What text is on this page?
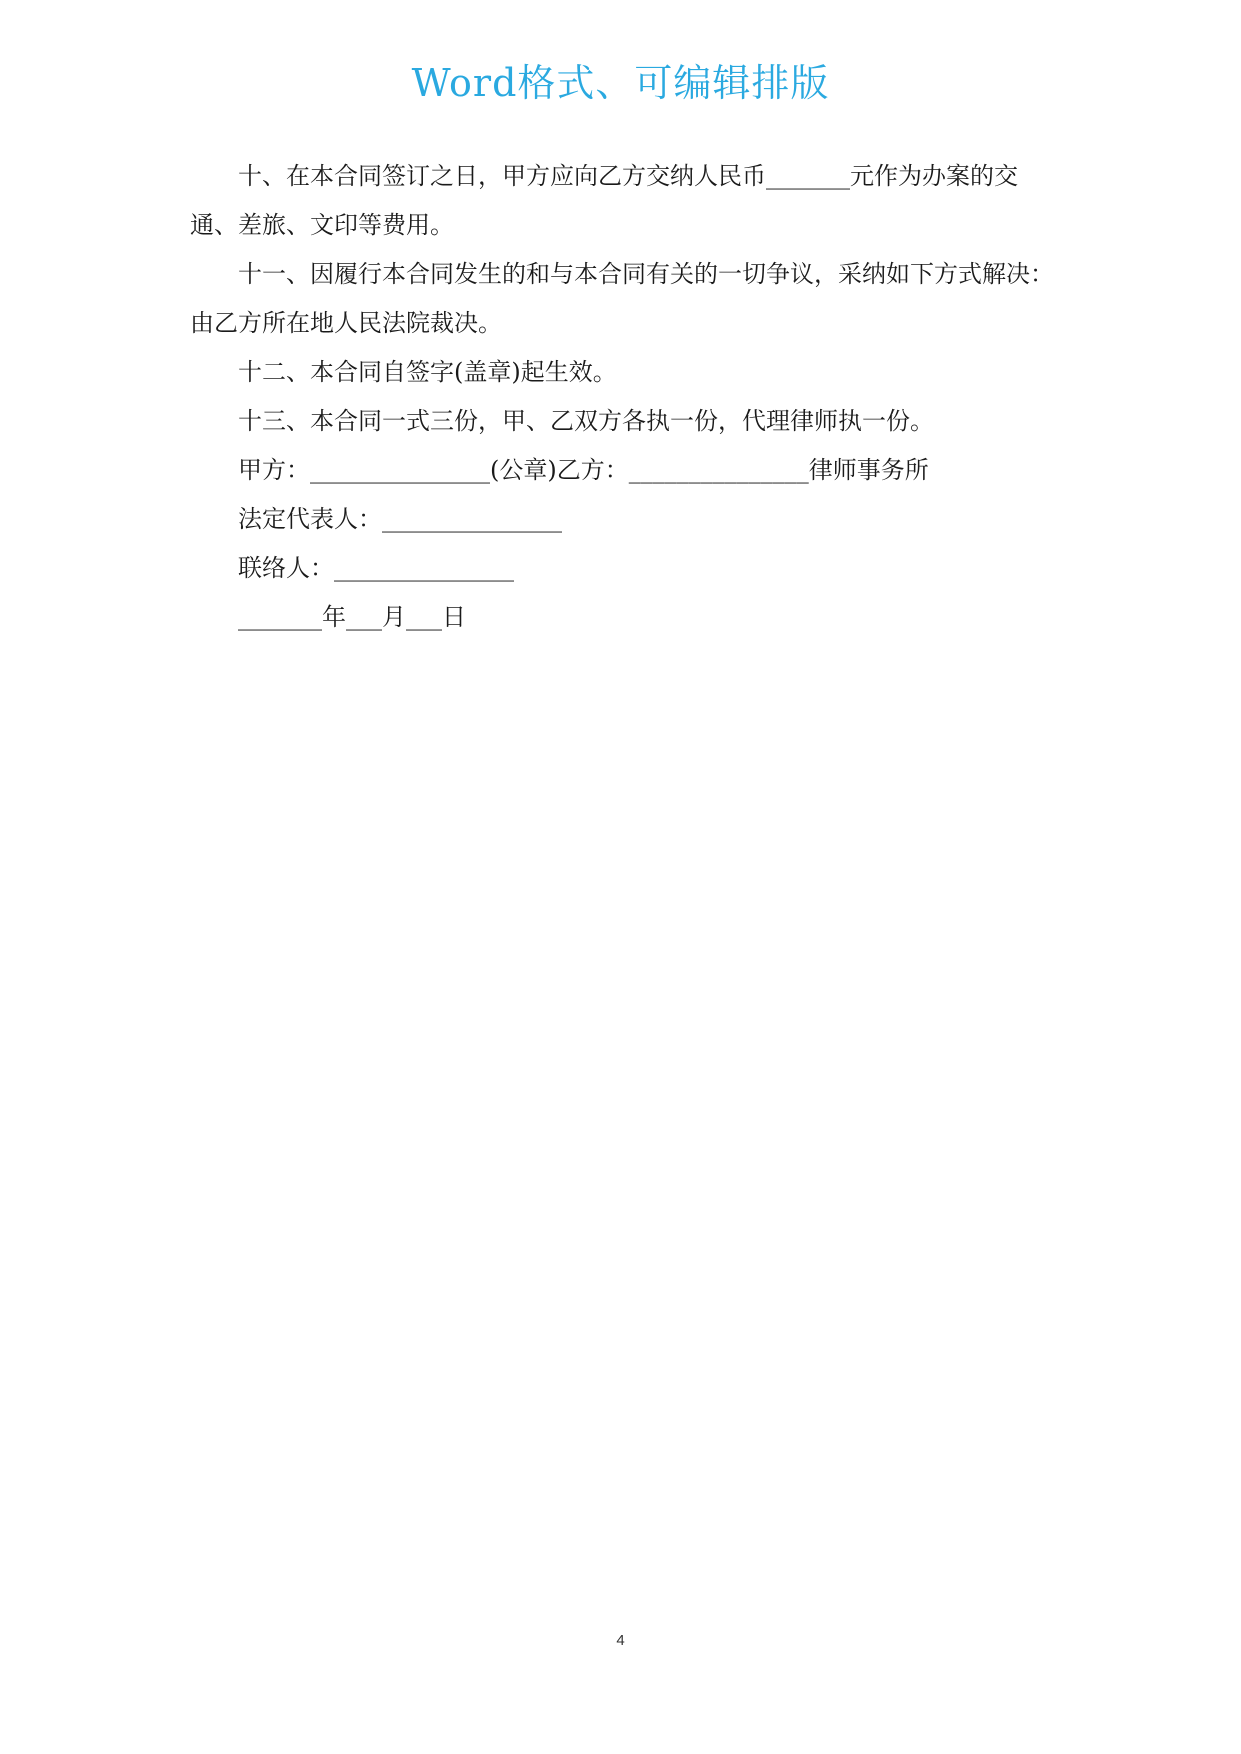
Word格式、可编辑排版

十、在本合同签订之日，甲方应向乙方交纳人民币_______元作为办案的交通、差旅、文印等费用。

十一、因履行本合同发生的和与本合同有关的一切争议，采纳如下方式解决：由乙方所在地人民法院裁决。

十二、本合同自签字(盖章)起生效。

十三、本合同一式三份，甲、乙双方各执一份，代理律师执一份。

甲方：_______________(公章)乙方：_______________律师事务所

法定代表人：_______________

联络人：_______________

_______年___月___日

4
